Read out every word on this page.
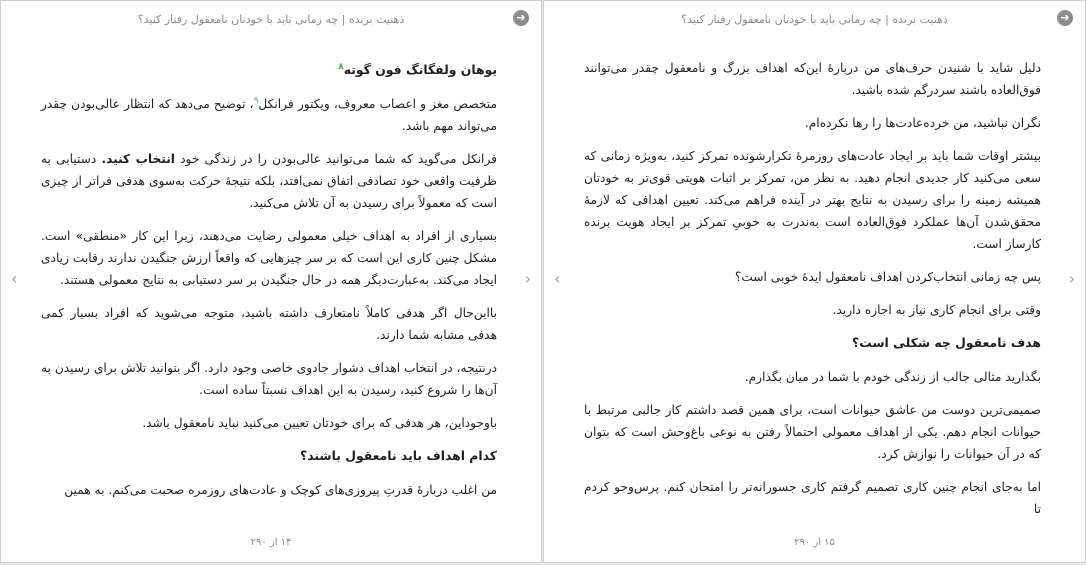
ذهنیت برنده | چه زمانی باید با خودتان نامعقول رفتار کنید؟	➜
‹	›
یوهان ولفگانگ فون گوته$^۸$

متخصص مغز و اعصاب معروف، ویکتور فرانکل$^۹$، توضیح می‌دهد که انتظار عالی‌بودن چقدر می‌تواند مهم باشد.

فرانکل می‌گوید که شما می‌توانید عالی‌بودن را در زندگی خود انتخاب کنید. دستیابی به ظرفیت واقعی خود تصادفی اتفاق نمی‌افتد، بلکه نتیجهٔ حرکت به‌سوی هدفی فراتر از چیزی است که معمولاً برای رسیدن به آن تلاش می‌کنید.

بسیاری از افراد به اهداف خیلی معمولی رضایت می‌دهند، زیرا این کار «منطقی» است. مشکل چنین کاری این است که بر سر چیزهایی که واقعاً ارزش جنگیدن ندارند رقابت زیادی ایجاد می‌کند. به‌عبارت‌دیگر همه در حال جنگیدن بر سر دستیابی به نتایج معمولی هستند.

بااین‌حال اگر هدفی کاملاً نامتعارف داشته باشید، متوجه می‌شوید که افراد بسیار کمی هدفی مشابه شما دارند.

درنتیجه، در انتخاب اهداف دشوار جادوی خاصی وجود دارد. اگر بتوانید تلاش برای رسیدن به آن‌ها را شروع کنید، رسیدن به این اهداف نسبتاً ساده است.

باوجوداین، هر هدفی که برای خودتان تعیین می‌کنید نباید نامعقول باشد.

کدام اهداف باید نامعقول باشند؟

من اغلب دربارهٔ قدرتِ پیروزی‌های کوچک و عادت‌های روزمره صحبت می‌کنم. به همین

۱۴ از ۲۹۰
ذهنیت برنده | چه زمانی باید با خودتان نامعقول رفتار کنید؟	➜
‹	›

دلیل شاید با شنیدن حرف‌های من دربارهٔ این‌که اهداف بزرگ و نامعقول چقدر می‌توانند فوق‌العاده باشند سردرگم شده باشید.

نگران نباشید، من خرده‌عادت‌ها را رها نکرده‌ام.

بیشتر اوقات شما باید بر ایجاد عادت‌های روزمرهٔ تکرارشونده تمرکز کنید، به‌ویژه زمانی که سعی می‌کنید کار جدیدی انجام دهید. به نظر من، تمرکز بر اثبات هویتی قوی‌تر به خودتان همیشه زمینه را برای رسیدن به نتایج بهتر در آینده فراهم می‌کند. تعیین اهدافی که لازمهٔ محقق‌شدن آن‌ها عملکرد فوق‌العاده است به‌ندرت به خوبیِ تمرکز بر ایجاد هویت برنده کارساز است.

پس چه زمانی انتخاب‌کردن اهداف نامعقول ایدهٔ خوبی است؟

وقتی برای انجام کاری نیاز به اجازه دارید.

هدف نامعقول چه شکلی است؟

بگذارید مثالی جالب از زندگی خودم با شما در میان بگذارم.

صمیمی‌ترین دوست من عاشق حیوانات است، برای همین قصد داشتم کار جالبی مرتبط با حیوانات انجام دهم. یکی از اهداف معمولی احتمالاً رفتن به نوعی باغ‌وحش است که بتوان که در آن حیوانات را نوازش کرد.

اما به‌جای انجام چنین کاری تصمیم گرفتم کاری جسورانه‌تر را امتحان کنم. پرس‌وجو کردم تا

۱۵ از ۲۹۰
